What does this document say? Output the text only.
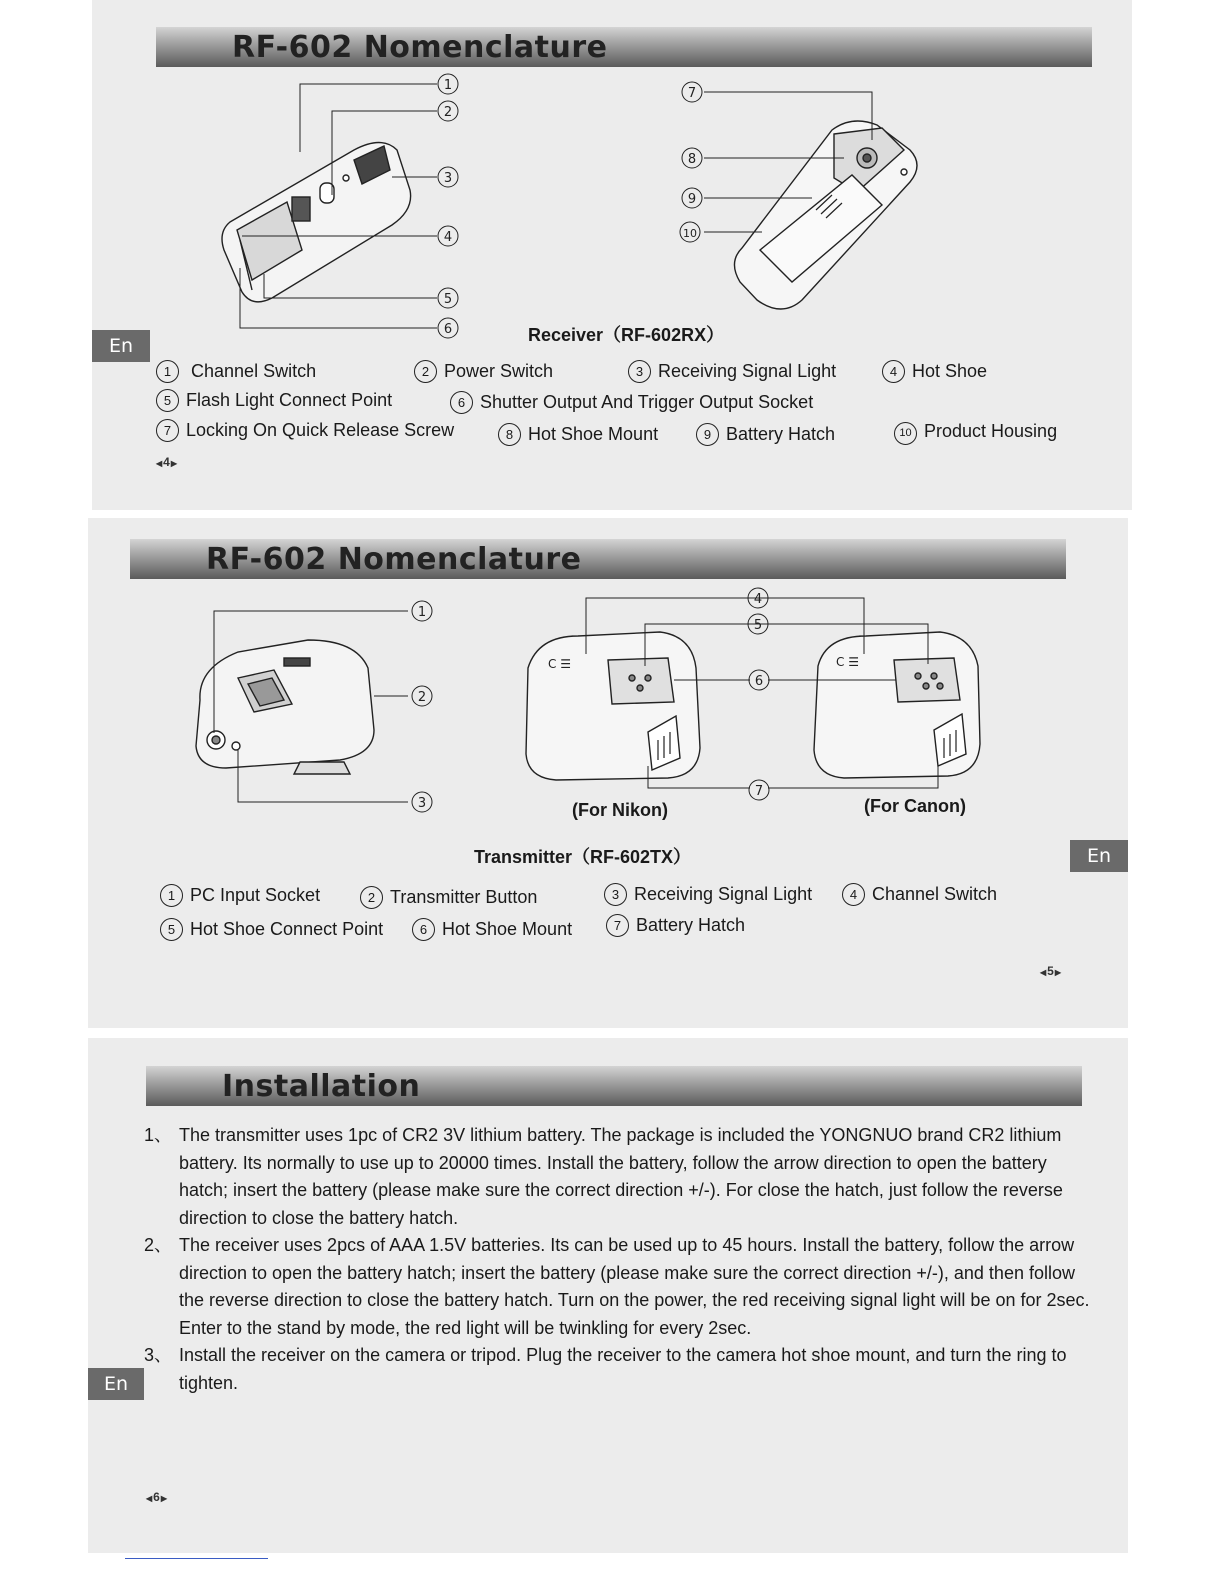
RF-602 Nomenclature
En
1
2
3
4
5
6
7
8
9
10
Receiver（RF-602RX）
1 Channel Switch	2 Power Switch	3 Receiving Signal Light	4 Hot Shoe
5 Flash Light Connect Point	6 Shutter Output And Trigger Output Socket
7 Locking On Quick Release Screw	8 Hot Shoe Mount	9 Battery Hatch	10 Product Housing
◀ 4 ▶
RF-602 Nomenclature
En
1
2
3
C ☰	C ☰
4
5
6
7
(For Nikon)	(For Canon)
Transmitter（RF-602TX）
1 PC Input Socket	2 Transmitter Button	3 Receiving Signal Light	4 Channel Switch
5 Hot Shoe Connect Point	6 Hot Shoe Mount	7 Battery Hatch
◀ 5 ▶
Installation
En
1、 The transmitter uses 1pc of CR2 3V lithium battery. The package is included the YONGNUO brand CR2 lithium battery. Its normally to use up to 20000 times. Install the battery, follow the arrow direction to open the battery hatch; insert the battery (please make sure the correct direction +/-). For close the hatch, just follow the reverse direction to close the battery hatch.
2、 The receiver uses 2pcs of AAA 1.5V batteries. Its can be used up to 45 hours. Install the battery, follow the arrow direction to open the battery hatch; insert the battery (please make sure the correct direction +/-), and then follow the reverse direction to close the battery hatch. Turn on the power, the red receiving signal light will be on for 2sec. Enter to the stand by mode, the red light will be twinkling for every 2sec.
3、 Install the receiver on the camera or tripod. Plug the receiver to the camera hot shoe mount, and turn the ring to tighten.
◀ 6 ▶
